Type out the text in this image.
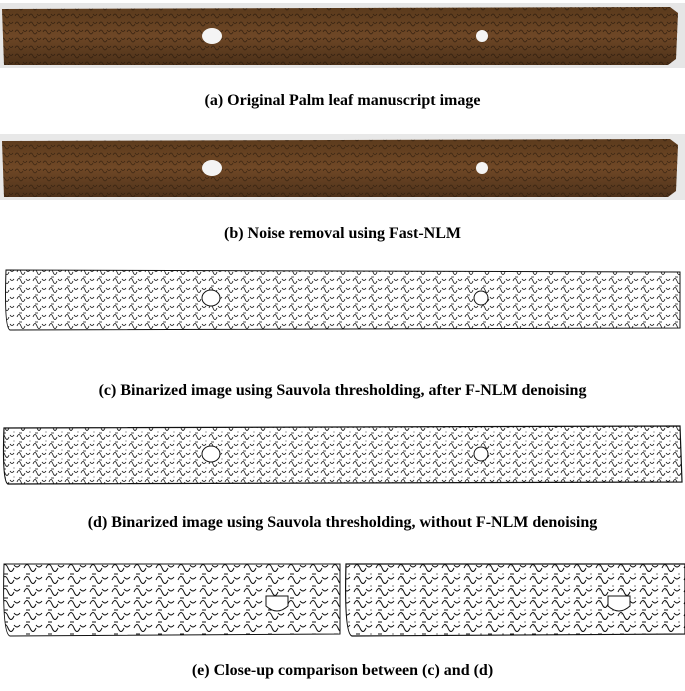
(a) Original Palm leaf manuscript image
(b) Noise removal using Fast-NLM
(c) Binarized image using Sauvola thresholding, after F-NLM denoising
(d) Binarized image using Sauvola thresholding, without F-NLM denoising
(e) Close-up comparison between (c) and (d)
